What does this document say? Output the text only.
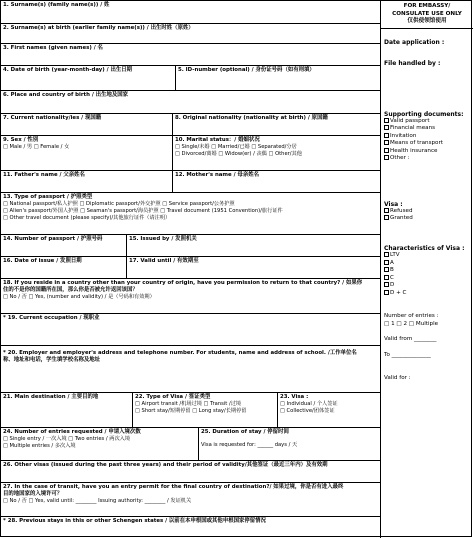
1. Surname(s) (family name(s)) / 姓
2. Surname(s) at birth (earlier family name(s)) / 出生时姓（原姓）
3. First names (given names) / 名
4. Date of birth (year-month-day) / 出生日期	5. ID-number (optional) / 身份证号码（如有则填）
6. Place and country of birth / 出生地及国家
7. Current nationality/ies / 现国籍	8. Original nationality (nationality at birth) / 原国籍
9. Sex / 性别
□ Male / 男 □ Female / 女
10. Marital status：/ 婚姻状况
□ Single/未婚 □ Married/已婚 □ Separated/分居
□ Divorced/离婚 □ Widow(er) / 丧偶 □ Other/其他
11. Father's name / 父亲姓名	12. Mother's name / 母亲姓名
13. Type of passport / 护照类型
□ National passport/私人护照 □ Diplomatic passport/外交护照 □ Service passport/公务护照
□ Alien's passport/外国人护照 □ Seaman's passport/海员护照 □ Travel document (1951 Convention)/旅行证件
□ Other travel document (please specify)/其他旅行证件（请注明）
14. Number of passport / 护照号码	15. Issued by / 发照机关
16. Date of issue / 发照日期	17. Valid until / 有效期至
18. If you reside in a country other than your country of origin, have you permission to return to that country? / 如果你
住的不是你的国籍所在国，那么你是否被允许返回该国？
□ No / 否 □ Yes, (number and validity) / 是（号码和有效期）
* 19. Current occupation / 现职业
* 20. Employer and employer's address and telephone number. For students, name and address of school. /工作单位名
称、地址和电话，学生填学校名称及地址
21. Main destination / 主要目的地	22. Type of Visa / 签证类型
□ Airport transit /机场过境 □ Transit /过境
□ Short stay/短期停留 □ Long stay/长期停留
23. Visa :
□ Individual / 个人签证
□ Collective/团体签证
24. Number of entries requested / 申请入境次数
□ Single entry / 一次入境 □ Two entries / 两次入境
□ Multiple entries / 多次入境
25. Duration of stay / 停留时间
Visa is requested for: ______ days / 天
26. Other visas (issued during the past three years) and their period of validity/其他签证（最近三年内）及有效期
27. In the case of transit, have you an entry permit for the final country of destination?/ 如果过境，你是否有进入最终
目的地国家的入境许可？
□ No / 否 □ Yes, valid until: ________ Issuing authority: ________ / 发证机关
* 28. Previous stays in this or other Schengen states / 以前在本申根国或其他申根国家停留情况
FOR EMBASSY/
CONSULATE USE ONLY
仅供使领馆使用
Date application :
File handled by :
Supporting documents:
Valid passport
Financial means
Invitation
Means of transport
Health insurance
Other :
Visa :
Refused
Granted
Characteristics of Visa :
LTV
A
B
C
D
D + C
Number of entries :
□ 1 □ 2 □ Multiple
Valid from ________
To ______________
Valid for :
